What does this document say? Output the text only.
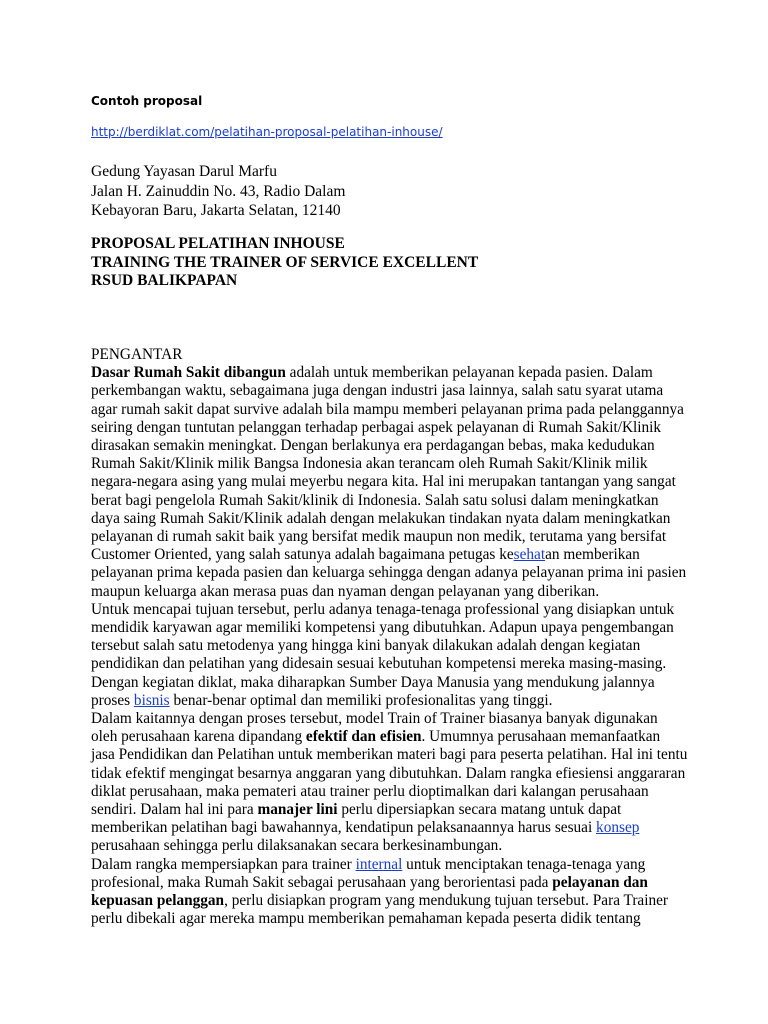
Contoh proposal
http://berdiklat.com/pelatihan-proposal-pelatihan-inhouse/
Gedung Yayasan Darul Marfu
Jalan H. Zainuddin No. 43, Radio Dalam
Kebayoran Baru, Jakarta Selatan, 12140
PROPOSAL PELATIHAN INHOUSE
TRAINING THE TRAINER OF SERVICE EXCELLENT
RSUD BALIKPAPAN
PENGANTAR
Dasar Rumah Sakit dibangun adalah untuk memberikan pelayanan kepada pasien. Dalam
perkembangan waktu, sebagaimana juga dengan industri jasa lainnya, salah satu syarat utama
agar rumah sakit dapat survive adalah bila mampu memberi pelayanan prima pada pelanggannya
seiring dengan tuntutan pelanggan terhadap perbagai aspek pelayanan di Rumah Sakit/Klinik
dirasakan semakin meningkat. Dengan berlakunya era perdagangan bebas, maka kedudukan
Rumah Sakit/Klinik milik Bangsa Indonesia akan terancam oleh Rumah Sakit/Klinik milik
negara-negara asing yang mulai meyerbu negara kita. Hal ini merupakan tantangan yang sangat
berat bagi pengelola Rumah Sakit/klinik di Indonesia. Salah satu solusi dalam meningkatkan
daya saing Rumah Sakit/Klinik adalah dengan melakukan tindakan nyata dalam meningkatkan
pelayanan di rumah sakit baik yang bersifat medik maupun non medik, terutama yang bersifat
Customer Oriented, yang salah satunya adalah bagaimana petugas kesehatan memberikan
pelayanan prima kepada pasien dan keluarga sehingga dengan adanya pelayanan prima ini pasien
maupun keluarga akan merasa puas dan nyaman dengan pelayanan yang diberikan.
Untuk mencapai tujuan tersebut, perlu adanya tenaga-tenaga professional yang disiapkan untuk
mendidik karyawan agar memiliki kompetensi yang dibutuhkan. Adapun upaya pengembangan
tersebut salah satu metodenya yang hingga kini banyak dilakukan adalah dengan kegiatan
pendidikan dan pelatihan yang didesain sesuai kebutuhan kompetensi mereka masing-masing.
Dengan kegiatan diklat, maka diharapkan Sumber Daya Manusia yang mendukung jalannya
proses bisnis benar-benar optimal dan memiliki profesionalitas yang tinggi.
Dalam kaitannya dengan proses tersebut, model Train of Trainer biasanya banyak digunakan
oleh perusahaan karena dipandang efektif dan efisien. Umumnya perusahaan memanfaatkan
jasa Pendidikan dan Pelatihan untuk memberikan materi bagi para peserta pelatihan. Hal ini tentu
tidak efektif mengingat besarnya anggaran yang dibutuhkan. Dalam rangka efiesiensi anggararan
diklat perusahaan, maka pemateri atau trainer perlu dioptimalkan dari kalangan perusahaan
sendiri. Dalam hal ini para manajer lini perlu dipersiapkan secara matang untuk dapat
memberikan pelatihan bagi bawahannya, kendatipun pelaksanaannya harus sesuai konsep
perusahaan sehingga perlu dilaksanakan secara berkesinambungan.
Dalam rangka mempersiapkan para trainer internal untuk menciptakan tenaga-tenaga yang
profesional, maka Rumah Sakit sebagai perusahaan yang berorientasi pada pelayanan dan
kepuasan pelanggan, perlu disiapkan program yang mendukung tujuan tersebut. Para Trainer
perlu dibekali agar mereka mampu memberikan pemahaman kepada peserta didik tentang
